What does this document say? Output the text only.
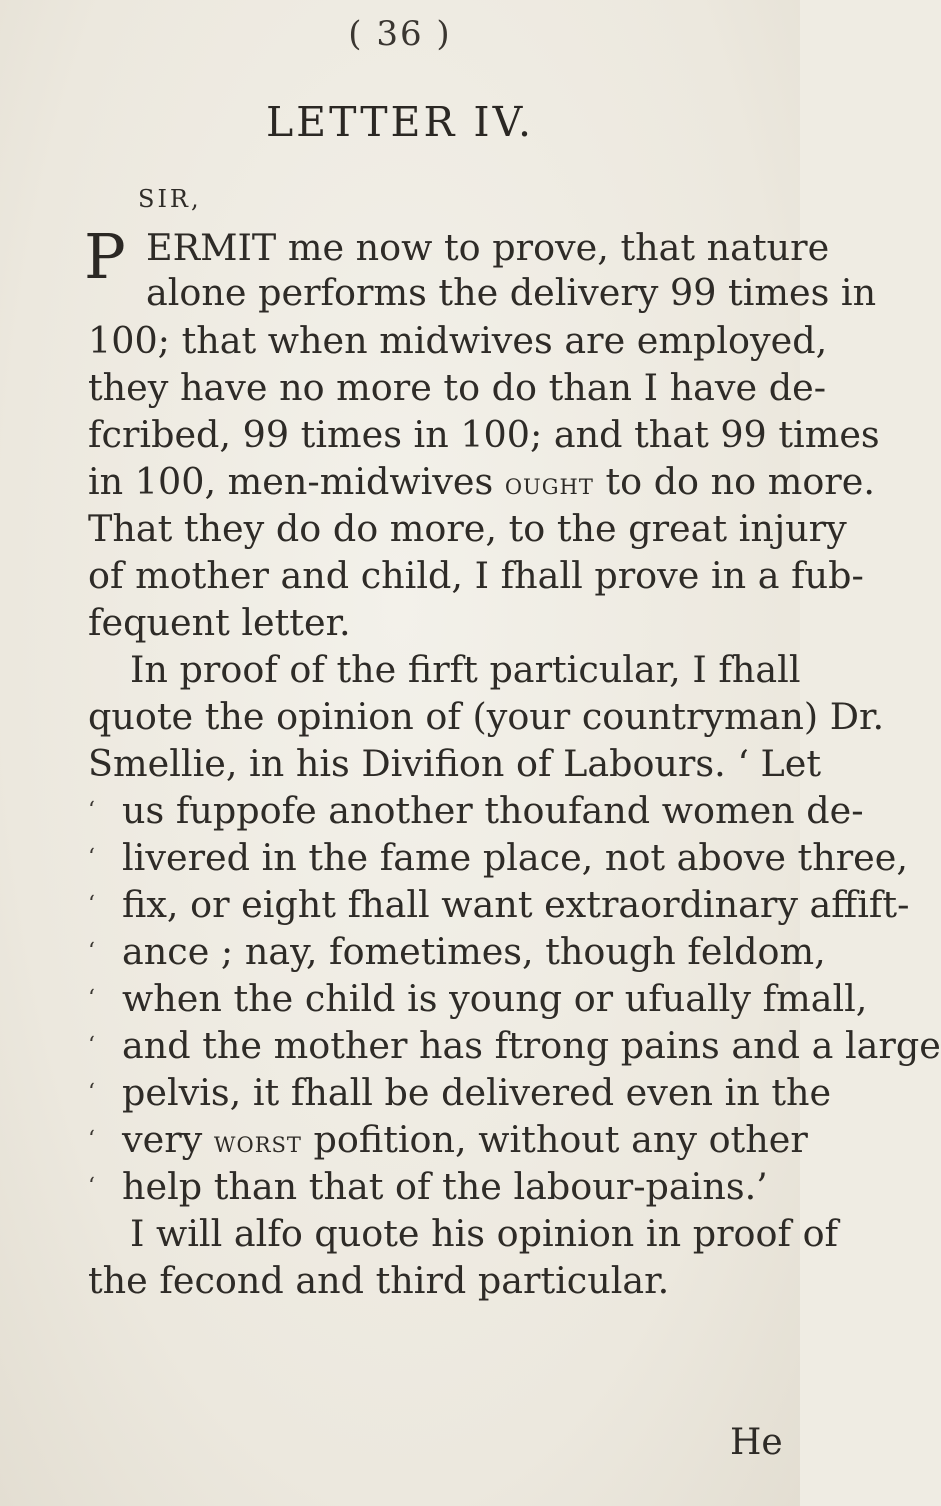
( 36 )
LETTER IV.
SIR,
P ERMIT me now to prove, that nature
alone performs the delivery 99 times in
100; that when midwives are employed,
they have no more to do than I have de-
fcribed, 99 times in 100; and that 99 times
in 100, men-midwives ought to do no more.
That they do do more, to the great injury
of mother and child, I fhall prove in a fub-
fequent letter.
In proof of the firft particular, I fhall
quote the opinion of (your countryman) Dr.
Smellie, in his Divifion of Labours. ‘ Let
‘ us fuppofe another thoufand women de-
‘ livered in the fame place, not above three,
‘ fix, or eight fhall want extraordinary affift-
‘ ance ; nay, fometimes, though feldom,
‘ when the child is young or ufually fmall,
‘ and the mother has ftrong pains and a large
‘ pelvis, it fhall be delivered even in the
‘ very worst pofition, without any other
‘ help than that of the labour-pains.’
I will alfo quote his opinion in proof of
the fecond and third particular.
He
